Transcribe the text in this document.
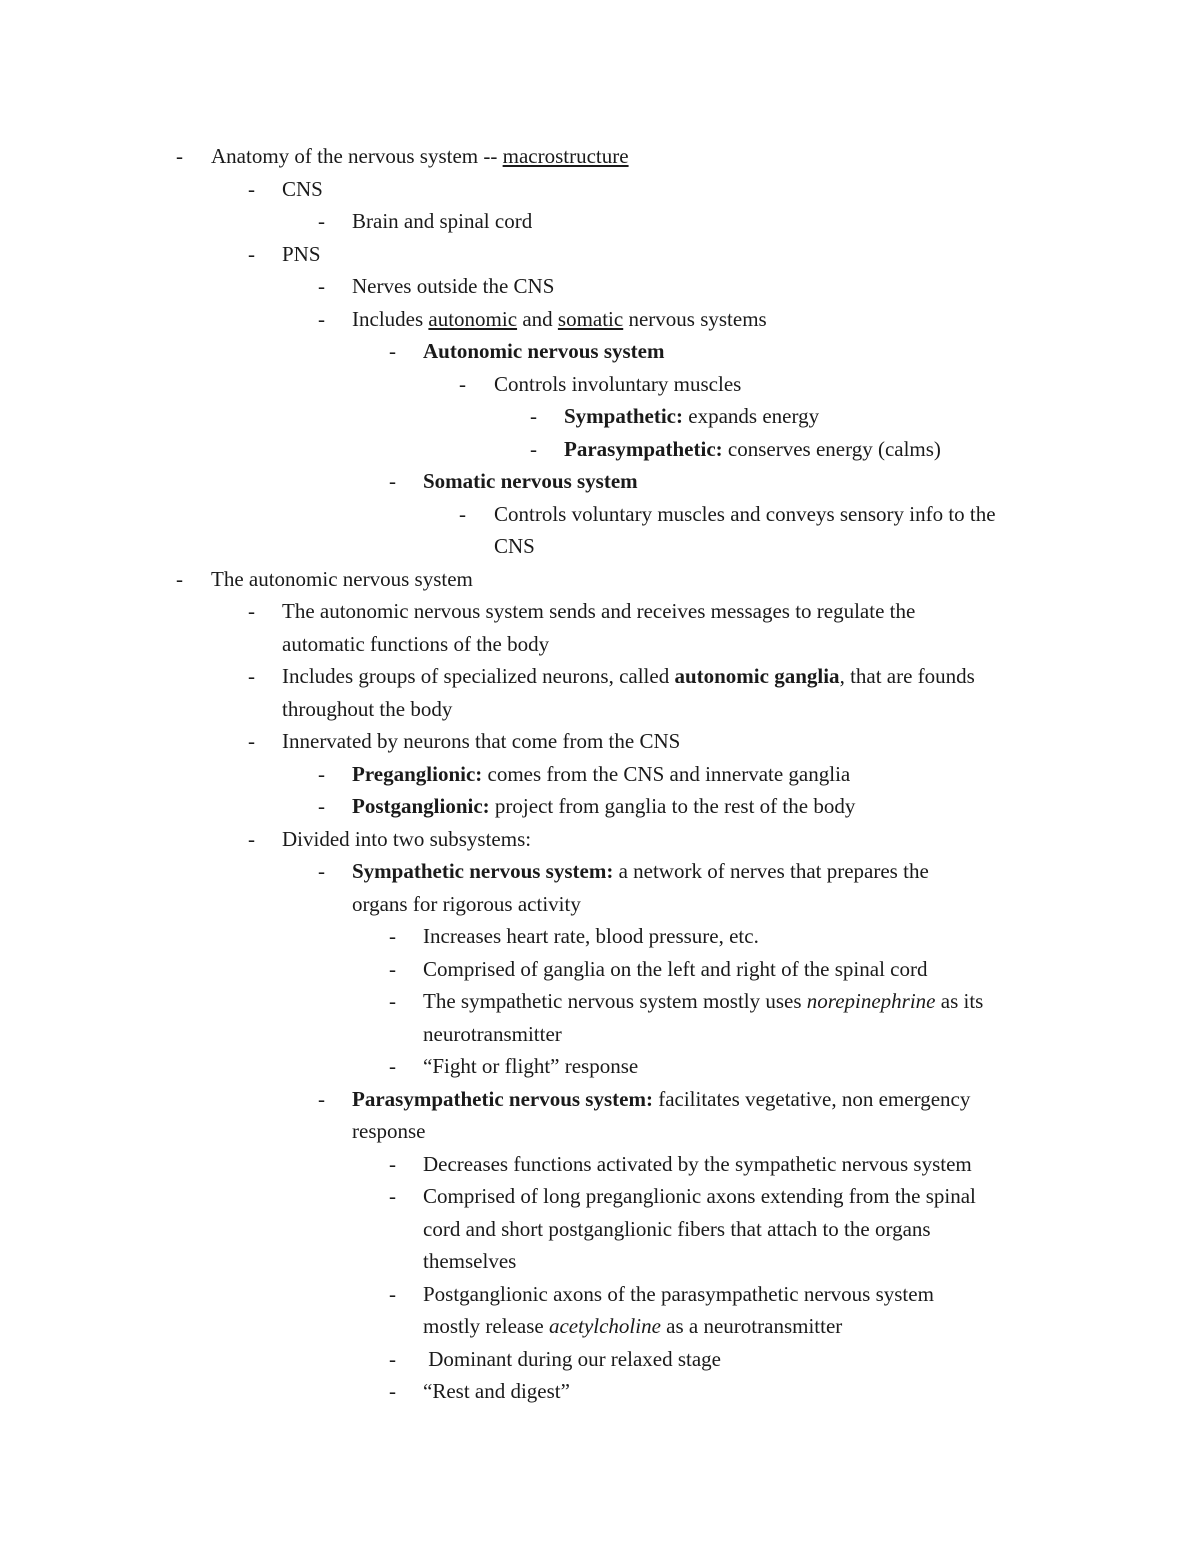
- Anatomy of the nervous system -- macrostructure
- CNS
- Brain and spinal cord
- PNS
- Nerves outside the CNS
- Includes autonomic and somatic nervous systems
- Autonomic nervous system
- Controls involuntary muscles
- Sympathetic: expands energy
- Parasympathetic: conserves energy (calms)
- Somatic nervous system
- Controls voluntary muscles and conveys sensory info to the
CNS
- The autonomic nervous system
- The autonomic nervous system sends and receives messages to regulate the
automatic functions of the body
- Includes groups of specialized neurons, called autonomic ganglia, that are founds
throughout the body
- Innervated by neurons that come from the CNS
- Preganglionic: comes from the CNS and innervate ganglia
- Postganglionic: project from ganglia to the rest of the body
- Divided into two subsystems:
- Sympathetic nervous system: a network of nerves that prepares the
organs for rigorous activity
- Increases heart rate, blood pressure, etc.
- Comprised of ganglia on the left and right of the spinal cord
- The sympathetic nervous system mostly uses norepinephrine as its
neurotransmitter
- “Fight or flight” response
- Parasympathetic nervous system: facilitates vegetative, non emergency
response
- Decreases functions activated by the sympathetic nervous system
- Comprised of long preganglionic axons extending from the spinal
cord and short postganglionic fibers that attach to the organs
themselves
- Postganglionic axons of the parasympathetic nervous system
mostly release acetylcholine as a neurotransmitter
- Dominant during our relaxed stage
- “Rest and digest”
